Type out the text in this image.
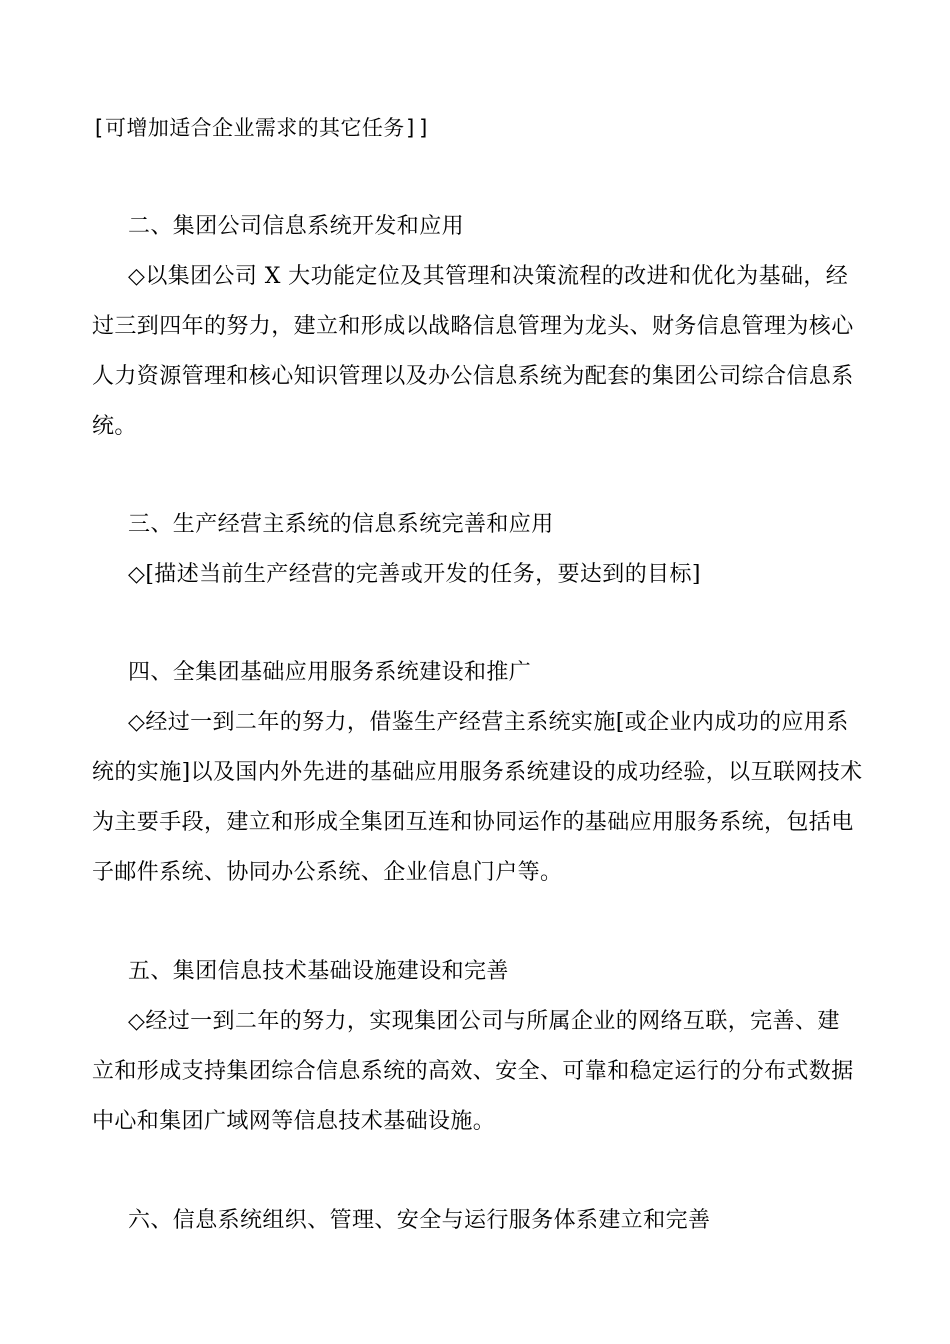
[可增加适合企业需求的其它任务]]
二、集团公司信息系统开发和应用
◇以集团公司 X 大功能定位及其管理和决策流程的改进和优化为基础，经
过三到四年的努力，建立和形成以战略信息管理为龙头、财务信息管理为核心
人力资源管理和核心知识管理以及办公信息系统为配套的集团公司综合信息系
统。
三、生产经营主系统的信息系统完善和应用
◇[描述当前生产经营的完善或开发的任务，要达到的目标]
四、全集团基础应用服务系统建设和推广
◇经过一到二年的努力，借鉴生产经营主系统实施[或企业内成功的应用系
统的实施]以及国内外先进的基础应用服务系统建设的成功经验，以互联网技术
为主要手段，建立和形成全集团互连和协同运作的基础应用服务系统，包括电
子邮件系统、协同办公系统、企业信息门户等。
五、集团信息技术基础设施建设和完善
◇经过一到二年的努力，实现集团公司与所属企业的网络互联，完善、建
立和形成支持集团综合信息系统的高效、安全、可靠和稳定运行的分布式数据
中心和集团广域网等信息技术基础设施。
六、信息系统组织、管理、安全与运行服务体系建立和完善
